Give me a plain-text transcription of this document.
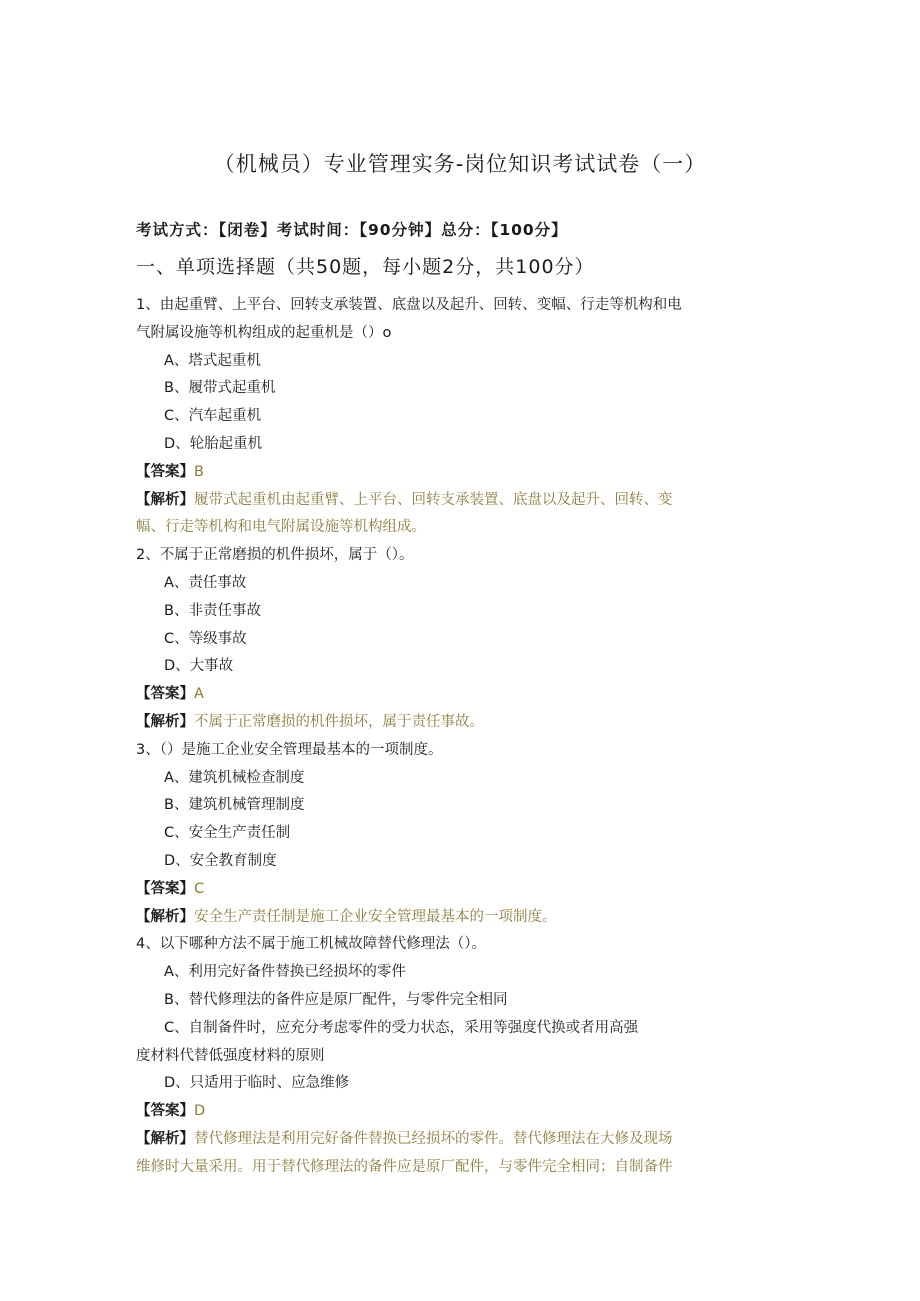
（机械员）专业管理实务-岗位知识考试试卷（一）
考试方式：【闭卷】考试时间：【90分钟】总分：【100分】
一、单项选择题（共50题，每小题2分，共100分）
1、由起重臂、上平台、回转支承装置、底盘以及起升、回转、变幅、行走等机构和电
气附属设施等机构组成的起重机是（）o
A、塔式起重机
B、履带式起重机
C、汽车起重机
D、轮胎起重机
【答案】B
【解析】履带式起重机由起重臂、上平台、回转支承装置、底盘以及起升、回转、变
幅、行走等机构和电气附属设施等机构组成。
2、不属于正常磨损的机件损坏，属于（）。
A、责任事故
B、非责任事故
C、等级事故
D、大事故
【答案】A
【解析】不属于正常磨损的机件损坏，属于责任事故。
3、（）是施工企业安全管理最基本的一项制度。
A、建筑机械检查制度
B、建筑机械管理制度
C、安全生产责任制
D、安全教育制度
【答案】C
【解析】安全生产责任制是施工企业安全管理最基本的一项制度。
4、以下哪种方法不属于施工机械故障替代修理法（）。
A、利用完好备件替换已经损坏的零件
B、替代修理法的备件应是原厂配件，与零件完全相同
C、自制备件时，应充分考虑零件的受力状态，采用等强度代换或者用高强
度材料代替低强度材料的原则
D、只适用于临时、应急维修
【答案】D
【解析】替代修理法是利用完好备件替换已经损坏的零件。替代修理法在大修及现场
维修时大量采用。用于替代修理法的备件应是原厂配件，与零件完全相同；自制备件
